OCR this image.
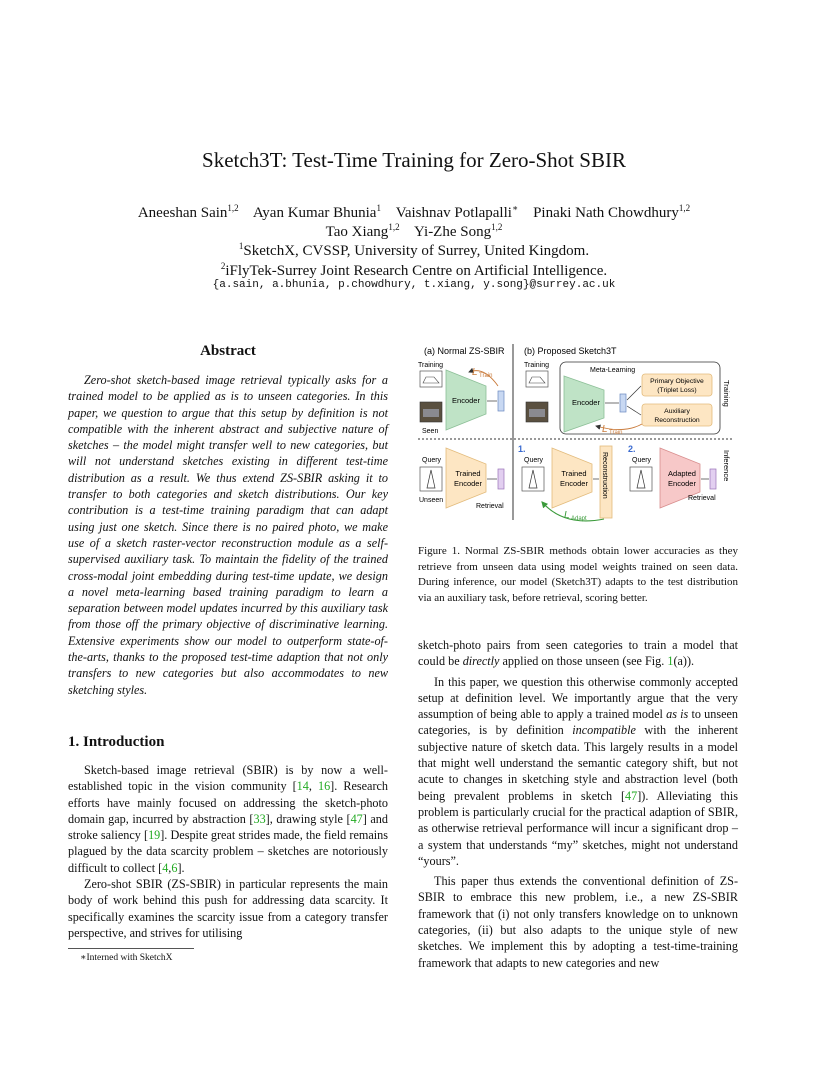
Sketch3T: Test-Time Training for Zero-Shot SBIR
Aneeshan Sain$^{1,2}$ Ayan Kumar Bhunia$^1$ Vaishnav Potlapalli∗ Pinaki Nath Chowdhury$^{1,2}$
Tao Xiang$^{1,2}$ Yi-Zhe Song$^{1,2}$
$^1$SketchX, CVSSP, University of Surrey, United Kingdom.
$^2$iFlyTek-Surrey Joint Research Centre on Artificial Intelligence.
{a.sain, a.bhunia, p.chowdhury, t.xiang, y.song}@surrey.ac.uk
Abstract
Zero-shot sketch-based image retrieval typically asks for a trained model to be applied as is to unseen categories. In this paper, we question to argue that this setup by definition is not compatible with the inherent abstract and subjective nature of sketches – the model might transfer well to new categories, but will not understand sketches existing in different test-time distribution as a result. We thus extend ZS-SBIR asking it to transfer to both categories and sketch distributions. Our key contribution is a test-time training paradigm that can adapt using just one sketch. Since there is no paired photo, we make use of a sketch raster-vector reconstruction module as a self-supervised auxiliary task. To maintain the fidelity of the trained cross-modal joint embedding during test-time update, we design a novel meta-learning based training paradigm to learn a separation between model updates incurred by this auxiliary task from those off the primary objective of discriminative learning. Extensive experiments show our model to outperform state-of-the-arts, thanks to the proposed test-time adaption that not only transfers to new categories but also accommodates to new sketching styles.
1. Introduction

Sketch-based image retrieval (SBIR) is by now a well-established topic in the vision community [14, 16]. Research efforts have mainly focused on addressing the sketch-photo domain gap, incurred by abstraction [33], drawing style [47] and stroke saliency [19]. Despite great strides made, the field remains plagued by the data scarcity problem – sketches are notoriously difficult to collect [4,6].

Zero-shot SBIR (ZS-SBIR) in particular represents the main body of work behind this push for addressing data scarcity. It specifically examines the scarcity issue from a category transfer perspective, and strives for utilising

∗Interned with SketchX
(a) Normal ZS-SBIR (b) Proposed Sketch3T
Training
Seen
Encoder
L Train
Query
Unseen
Trained
Encoder
Retrieval
Training
Meta-Learning
Encoder
Primary Objective
(Triplet Loss)
Auxiliary
Reconstruction
L Train
Training
1.
Query
Trained
Encoder Reconstruction
L Adapt
2.
Query
Adapted
Encoder
Retrieval
Inference
Figure 1. Normal ZS-SBIR methods obtain lower accuracies as they retrieve from unseen data using model weights trained on seen data. During inference, our model (Sketch3T) adapts to the test distribution via an auxiliary task, before retrieval, scoring better.

sketch-photo pairs from seen categories to train a model that could be directly applied on those unseen (see Fig. 1(a)).

In this paper, we question this otherwise commonly accepted setup at definition level. We importantly argue that the very assumption of being able to apply a trained model as is to unseen categories, is by definition incompatible with the inherent subjective nature of sketch data. This largely results in a model that might well understand the semantic category shift, but not acute to changes in sketching style and abstraction level (both being prevalent problems in sketch [47]). Alleviating this problem is particularly crucial for the practical adaption of SBIR, as otherwise retrieval performance will incur a significant drop – a system that understands “my” sketches, might not understand “yours”.

This paper thus extends the conventional definition of ZS-SBIR to embrace this new problem, i.e., a new ZS-SBIR framework that (i) not only transfers knowledge on to unknown categories, (ii) but also adapts to the unique style of new sketches. We implement this by adopting a test-time-training framework that adapts to new categories and new
